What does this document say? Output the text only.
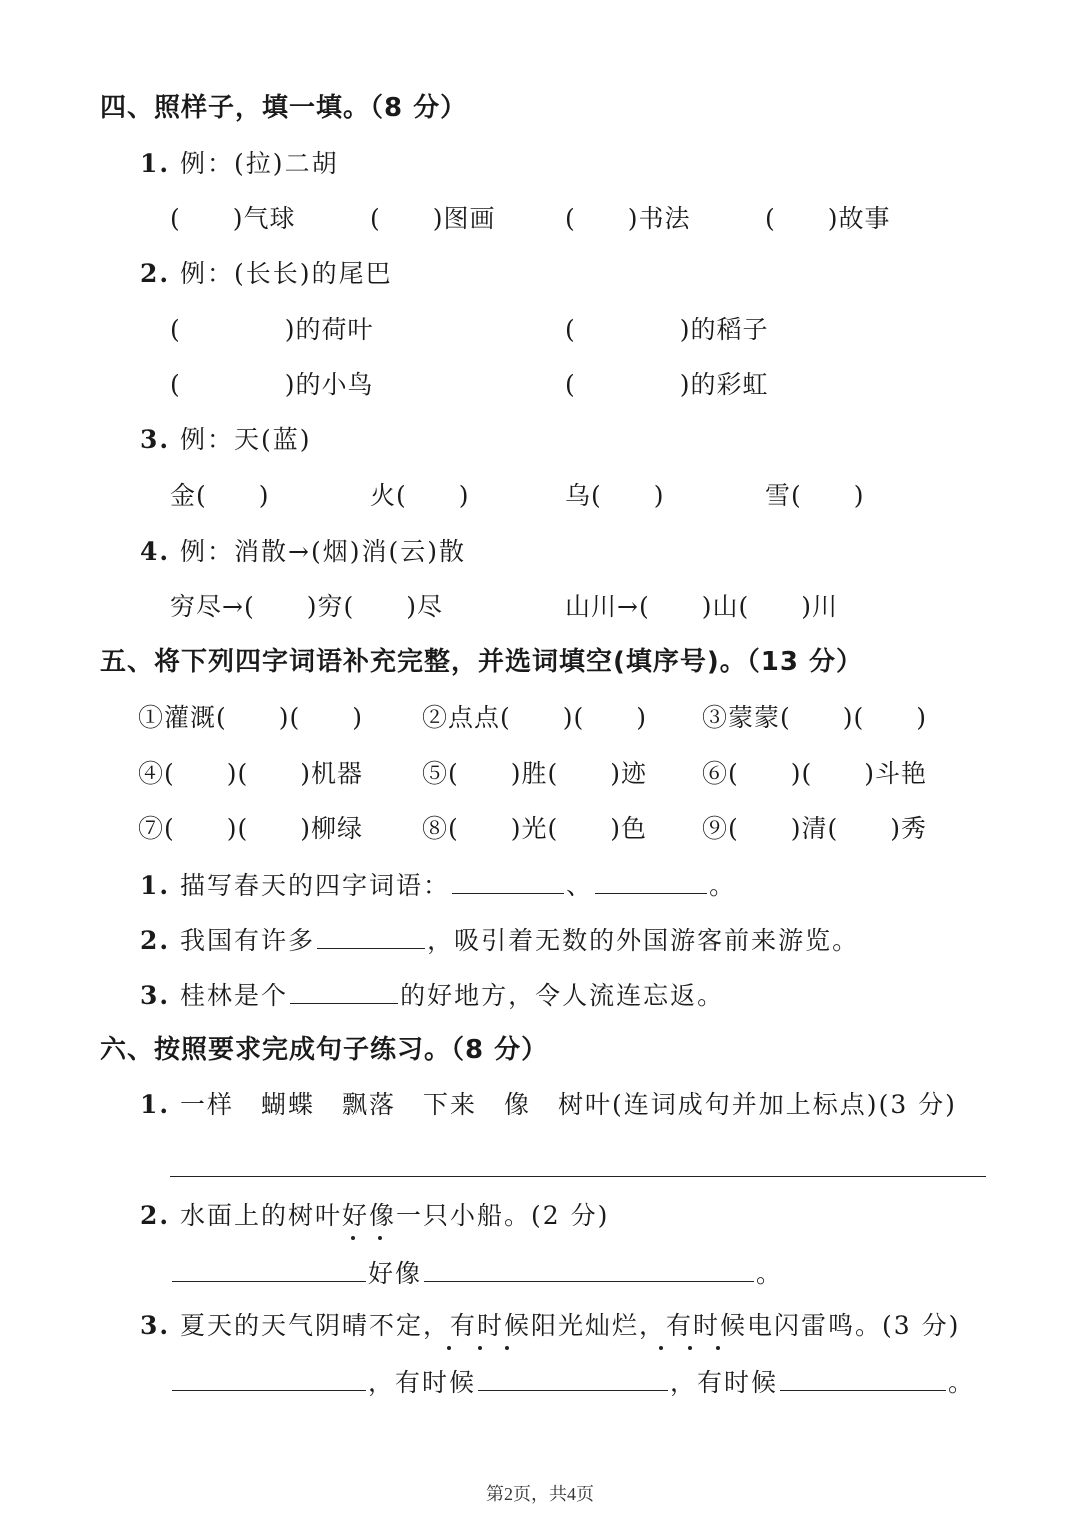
四、照样子，填一填。（8 分）
1. 例：(拉)二胡
(　　)气球	(　　)图画	(　　)书法	(　　)故事
2. 例：(长长)的尾巴
(　　　　)的荷叶	(　　　　)的稻子
(　　　　)的小鸟	(　　　　)的彩虹
3. 例：天(蓝)
金(　　)	火(　　)	乌(　　)	雪(　　)
4. 例：消散→(烟)消(云)散
穷尽→(　　)穷(　　)尽	山川→(　　)山(　　)川
五、将下列四字词语补充完整，并选词填空(填序号)。（13 分）
①灌溉(　　)(　　) ②点点(　　)(　　) ③蒙蒙(　　)(　　)
④(　　)(　　)机器 ⑤(　　)胜(　　)迹 ⑥(　　)(　　)斗艳
⑦(　　)(　　)柳绿 ⑧(　　)光(　　)色 ⑨(　　)清(　　)秀
1. 描写春天的四字词语：	、	。
2. 我国有许多	，吸引着无数的外国游客前来游览。
3. 桂林是个	的好地方，令人流连忘返。
六、按照要求完成句子练习。（8 分）
1. 一样　蝴蝶　飘落　下来　像　树叶(连词成句并加上标点)(3 分)
2. 水面上的树叶好像一只小船。(2 分)
好像	。
3. 夏天的天气阴晴不定，有时候阳光灿烂，有时候电闪雷鸣。(3 分)
，有时候	，有时候	。
第2页，共4页
